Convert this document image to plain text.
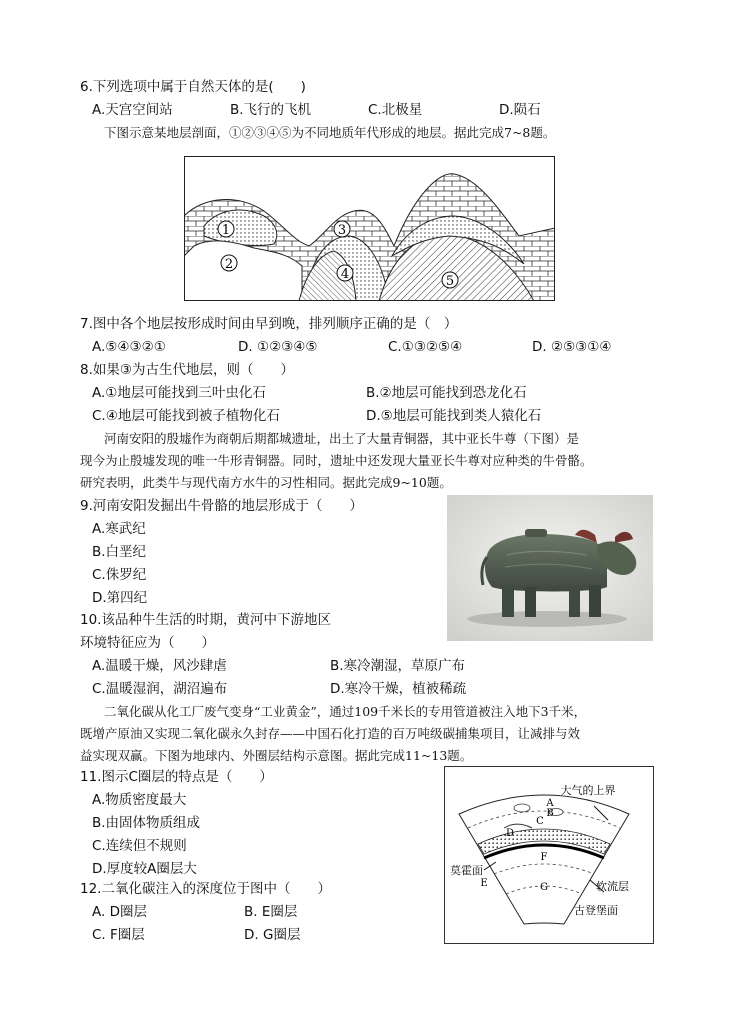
6.下列选项中属于自然天体的是(　　)
A.天宫空间站	B.飞行的飞机	C.北极星	D.陨石
下图示意某地层剖面，①②③④⑤为不同地质年代形成的地层。据此完成7~8题。
1
2
3
4	5
7.图中各个地层按形成时间由早到晚，排列顺序正确的是（　）
A.⑤④③②①	D. ①②③④⑤	C.①③②⑤④	D. ②⑤③①④
8.如果③为古生代地层，则（　　）
A.①地层可能找到三叶虫化石	B.②地层可能找到恐龙化石
C.④地层可能找到被子植物化石	D.⑤地层可能找到类人猿化石
河南安阳的殷墟作为商朝后期都城遗址，出土了大量青铜器，其中亚长牛尊（下图）是
现今为止殷墟发现的唯一牛形青铜器。同时，遗址中还发现大量亚长牛尊对应种类的牛骨骼。
研究表明，此类牛与现代南方水牛的习性相同。据此完成9~10题。
9.河南安阳发掘出牛骨骼的地层形成于（　　）
A.寒武纪
B.白垩纪
C.侏罗纪
D.第四纪
10.该品种牛生活的时期，黄河中下游地区
环境特征应为（　　）
A.温暖干燥，风沙肆虐	B.寒冷潮湿，草原广布
C.温暖湿润，湖沼遍布	D.寒冷干燥，植被稀疏
二氧化碳从化工厂废气变身“工业黄金”，通过109千米长的专用管道被注入地下3千米，
既增产原油又实现二氧化碳永久封存——中国石化打造的百万吨级碳捕集项目，让减排与效
益实现双赢。下图为地球内、外圈层结构示意图。据此完成11~13题。
11.图示C圈层的特点是（　　）
A.物质密度最大
B.由固体物质组成
C.连续但不规则
D.厚度较A圈层大
12.二氧化碳注入的深度位于图中（　　）
A. D圈层	B. E圈层
C. F圈层	D. G圈层
大气的上界
A
B
C
D
E
F
G
莫霍面
软流层
古登堡面
